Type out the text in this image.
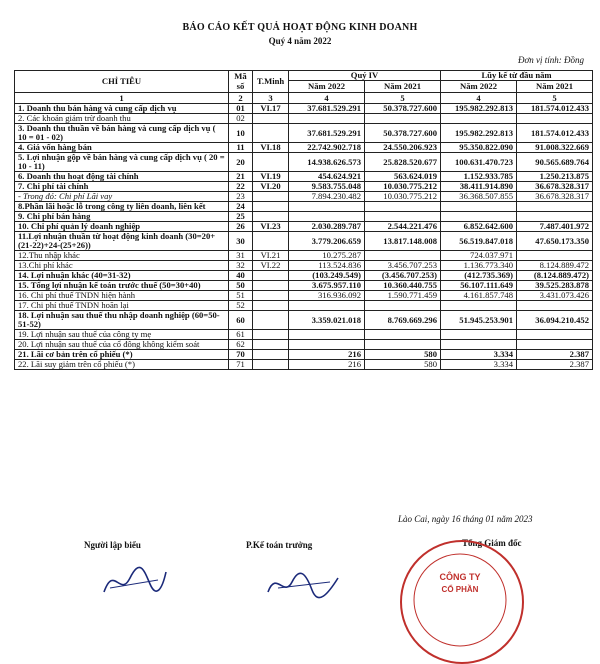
BÁO CÁO KẾT QUẢ HOẠT ĐỘNG KINH DOANH
Quý 4 năm 2022
Đơn vị tính: Đồng
CHỈ TIÊU	Mã số	T.Minh	Quý IV		Lũy kế từ đầu năm	
			Năm 2022	Năm 2021	Năm 2022	Năm 2021
1	2	3	4	5	4	5
1. Doanh thu bán hàng và cung cấp dịch vụ	01	VI.17	37.681.529.291	50.378.727.600	195.982.292.813	181.574.012.433
2. Các khoản giảm trừ doanh thu	02					
3. Doanh thu thuần về bán hàng và cung cấp dịch vụ ( 10 = 01 - 02)	10		37.681.529.291	50.378.727.600	195.982.292.813	181.574.012.433
4. Giá vốn hàng bán	11	VI.18	22.742.902.718	24.550.206.923	95.350.822.090	91.008.322.669
5. Lợi nhuận gộp về bán hàng và cung cấp dịch vụ ( 20 = 10 - 11)	20		14.938.626.573	25.828.520.677	100.631.470.723	90.565.689.764
6. Doanh thu hoạt động tài chính	21	VI.19	454.624.921	563.624.019	1.152.933.785	1.250.213.875
7. Chi phí tài chính	22	VI.20	9.583.755.048	10.030.775.212	38.411.914.890	36.678.328.317
- Trong đó: Chi phí Lãi vay	23		7.894.230.482	10.030.775.212	36.368.507.855	36.678.328.317
8.Phần lãi hoặc lỗ trong công ty liên doanh, liên kết	24					
9. Chi phí bán hàng	25					
10. Chi phí quản lý doanh nghiệp	26	VI.23	2.030.289.787	2.544.221.476	6.852.642.600	7.487.401.972
11.Lợi nhuận thuần từ hoạt động kinh doanh (30=20+(21-22)+24-(25+26))	30		3.779.206.659	13.817.148.008	56.519.847.018	47.650.173.350
12.Thu nhập khác	31	VI.21	10.275.287		724.037.971	
13.Chi phí khác	32	VI.22	113.524.836	3.456.707.253	1.136.773.340	8.124.889.472
14. Lợi nhuận khác (40=31-32)	40		(103.249.549)	(3.456.707.253)	(412.735.369)	(8.124.889.472)
15. Tổng lợi nhuận kế toán trước thuế (50=30+40)	50		3.675.957.110	10.360.440.755	56.107.111.649	39.525.283.878
16. Chi phí thuế TNDN hiện hành	51		316.936.092	1.590.771.459	4.161.857.748	3.431.073.426
17. Chi phí thuế TNDN hoãn lại	52					
18. Lợi nhuận sau thuế thu nhập doanh nghiệp (60=50-51-52)	60		3.359.021.018	8.769.669.296	51.945.253.901	36.094.210.452
19. Lợi nhuận sau thuế của công ty mẹ	61					
20. Lợi nhuận sau thuế của cổ đông không kiểm soát	62					
21. Lãi cơ bản trên cổ phiếu (*)	70		216	580	3.334	2.387
22. Lãi suy giảm trên cổ phiếu (*)	71		216	580	3.334	2.387
Lào Cai, ngày 16 tháng 01 năm 2023
Người lập biểu	P.Kế toán trưởng	Tổng Giám đốc
CÔNG TY
CỔ PHẦN
